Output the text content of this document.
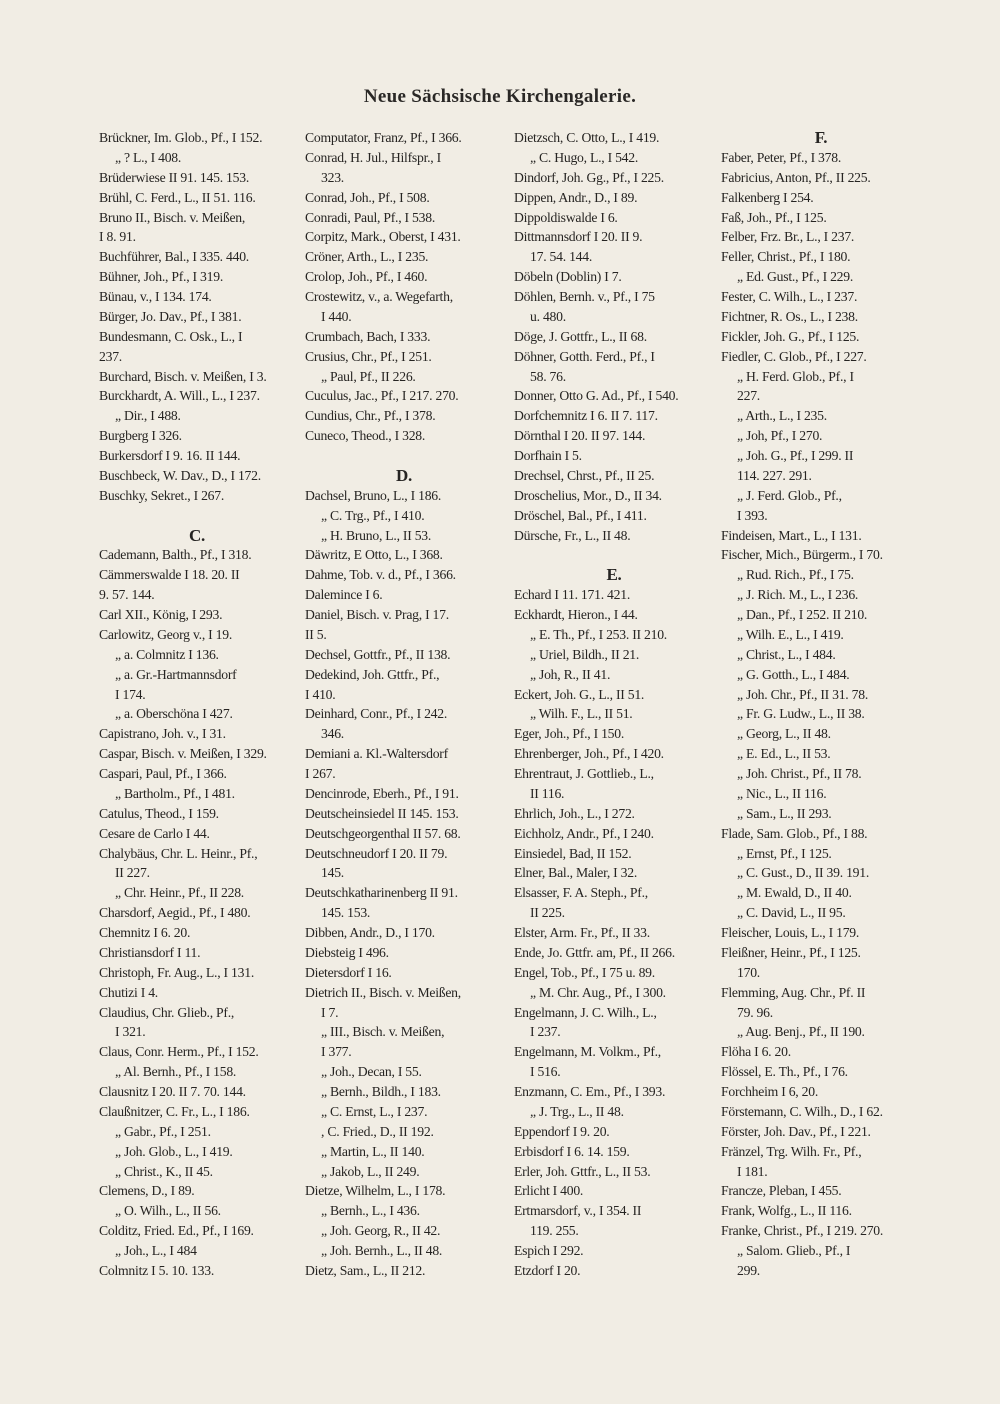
Neue Sächsische Kirchengalerie.
Brückner, Im. Glob., Pf., I 152.
„ ? L., I 408.
Brüderwiese II 91. 145. 153.
Brühl, C. Ferd., L., II 51. 116.
Bruno II., Bisch. v. Meißen,
I 8. 91.
Buchführer, Bal., I 335. 440.
Bühner, Joh., Pf., I 319.
Bünau, v., I 134. 174.
Bürger, Jo. Dav., Pf., I 381.
Bundesmann, C. Osk., L., I
237.
Burchard, Bisch. v. Meißen, I 3.
Burckhardt, A. Will., L., I 237.
„ Dir., I 488.
Burgberg I 326.
Burkersdorf I 9. 16. II 144.
Buschbeck, W. Dav., D., I 172.
Buschky, Sekret., I 267.
C.
Cademann, Balth., Pf., I 318.
Cämmerswalde I 18. 20. II
9. 57. 144.
Carl XII., König, I 293.
Carlowitz, Georg v., I 19.
„ a. Colmnitz I 136.
„ a. Gr.-Hartmannsdorf
I 174.
„ a. Oberschöna I 427.
Capistrano, Joh. v., I 31.
Caspar, Bisch. v. Meißen, I 329.
Caspari, Paul, Pf., I 366.
„ Bartholm., Pf., I 481.
Catulus, Theod., I 159.
Cesare de Carlo I 44.
Chalybäus, Chr. L. Heinr., Pf.,
II 227.
„ Chr. Heinr., Pf., II 228.
Charsdorf, Aegid., Pf., I 480.
Chemnitz I 6. 20.
Christiansdorf I 11.
Christoph, Fr. Aug., L., I 131.
Chutizi I 4.
Claudius, Chr. Glieb., Pf.,
I 321.
Claus, Conr. Herm., Pf., I 152.
„ Al. Bernh., Pf., I 158.
Clausnitz I 20. II 7. 70. 144.
Claußnitzer, C. Fr., L., I 186.
„ Gabr., Pf., I 251.
„ Joh. Glob., L., I 419.
„ Christ., K., II 45.
Clemens, D., I 89.
„ O. Wilh., L., II 56.
Colditz, Fried. Ed., Pf., I 169.
„ Joh., L., I 484
Colmnitz I 5. 10. 133.
Computator, Franz, Pf., I 366.
Conrad, H. Jul., Hilfspr., I
323.
Conrad, Joh., Pf., I 508.
Conradi, Paul, Pf., I 538.
Corpitz, Mark., Oberst, I 431.
Cröner, Arth., L., I 235.
Crolop, Joh., Pf., I 460.
Crostewitz, v., a. Wegefarth,
I 440.
Crumbach, Bach, I 333.
Crusius, Chr., Pf., I 251.
„ Paul, Pf., II 226.
Cuculus, Jac., Pf., I 217. 270.
Cundius, Chr., Pf., I 378.
Cuneco, Theod., I 328.
D.
Dachsel, Bruno, L., I 186.
„ C. Trg., Pf., I 410.
„ H. Bruno, L., II 53.
Däwritz, E Otto, L., I 368.
Dahme, Tob. v. d., Pf., I 366.
Dalemince I 6.
Daniel, Bisch. v. Prag, I 17.
II 5.
Dechsel, Gottfr., Pf., II 138.
Dedekind, Joh. Gttfr., Pf.,
I 410.
Deinhard, Conr., Pf., I 242.
346.
Demiani a. Kl.-Waltersdorf
I 267.
Dencinrode, Eberh., Pf., I 91.
Deutscheinsiedel II 145. 153.
Deutschgeorgenthal II 57. 68.
Deutschneudorf I 20. II 79.
145.
Deutschkatharinenberg II 91.
145. 153.
Dibben, Andr., D., I 170.
Diebsteig I 496.
Dietersdorf I 16.
Dietrich II., Bisch. v. Meißen,
I 7.
„ III., Bisch. v. Meißen,
I 377.
„ Joh., Decan, I 55.
„ Bernh., Bildh., I 183.
„ C. Ernst, L., I 237.
, C. Fried., D., II 192.
„ Martin, L., II 140.
„ Jakob, L., II 249.
Dietze, Wilhelm, L., I 178.
„ Bernh., L., I 436.
„ Joh. Georg, R., II 42.
„ Joh. Bernh., L., II 48.
Dietz, Sam., L., II 212.
Dietzsch, C. Otto, L., I 419.
„ C. Hugo, L., I 542.
Dindorf, Joh. Gg., Pf., I 225.
Dippen, Andr., D., I 89.
Dippoldiswalde I 6.
Dittmannsdorf I 20. II 9.
17. 54. 144.
Döbeln (Doblin) I 7.
Döhlen, Bernh. v., Pf., I 75
u. 480.
Döge, J. Gottfr., L., II 68.
Döhner, Gotth. Ferd., Pf., I
58. 76.
Donner, Otto G. Ad., Pf., I 540.
Dorfchemnitz I 6. II 7. 117.
Dörnthal I 20. II 97. 144.
Dorfhain I 5.
Drechsel, Chrst., Pf., II 25.
Droschelius, Mor., D., II 34.
Dröschel, Bal., Pf., I 411.
Dürsche, Fr., L., II 48.
E.
Echard I 11. 171. 421.
Eckhardt, Hieron., I 44.
„ E. Th., Pf., I 253. II 210.
„ Uriel, Bildh., II 21.
„ Joh, R., II 41.
Eckert, Joh. G., L., II 51.
„ Wilh. F., L., II 51.
Eger, Joh., Pf., I 150.
Ehrenberger, Joh., Pf., I 420.
Ehrentraut, J. Gottlieb., L.,
II 116.
Ehrlich, Joh., L., I 272.
Eichholz, Andr., Pf., I 240.
Einsiedel, Bad, II 152.
Elner, Bal., Maler, I 32.
Elsasser, F. A. Steph., Pf.,
II 225.
Elster, Arm. Fr., Pf., II 33.
Ende, Jo. Gttfr. am, Pf., II 266.
Engel, Tob., Pf., I 75 u. 89.
„ M. Chr. Aug., Pf., I 300.
Engelmann, J. C. Wilh., L.,
I 237.
Engelmann, M. Volkm., Pf.,
I 516.
Enzmann, C. Em., Pf., I 393.
„ J. Trg., L., II 48.
Eppendorf I 9. 20.
Erbisdorf I 6. 14. 159.
Erler, Joh. Gttfr., L., II 53.
Erlicht I 400.
Ertmarsdorf, v., I 354. II
119. 255.
Espich I 292.
Etzdorf I 20.
F.
Faber, Peter, Pf., I 378.
Fabricius, Anton, Pf., II 225.
Falkenberg I 254.
Faß, Joh., Pf., I 125.
Felber, Frz. Br., L., I 237.
Feller, Christ., Pf., I 180.
„ Ed. Gust., Pf., I 229.
Fester, C. Wilh., L., I 237.
Fichtner, R. Os., L., I 238.
Fickler, Joh. G., Pf., I 125.
Fiedler, C. Glob., Pf., I 227.
„ H. Ferd. Glob., Pf., I
227.
„ Arth., L., I 235.
„ Joh, Pf., I 270.
„ Joh. G., Pf., I 299. II
114. 227. 291.
„ J. Ferd. Glob., Pf.,
I 393.
Findeisen, Mart., L., I 131.
Fischer, Mich., Bürgerm., I 70.
„ Rud. Rich., Pf., I 75.
„ J. Rich. M., L., I 236.
„ Dan., Pf., I 252. II 210.
„ Wilh. E., L., I 419.
„ Christ., L., I 484.
„ G. Gotth., L., I 484.
„ Joh. Chr., Pf., II 31. 78.
„ Fr. G. Ludw., L., II 38.
„ Georg, L., II 48.
„ E. Ed., L., II 53.
„ Joh. Christ., Pf., II 78.
„ Nic., L., II 116.
„ Sam., L., II 293.
Flade, Sam. Glob., Pf., I 88.
„ Ernst, Pf., I 125.
„ C. Gust., D., II 39. 191.
„ M. Ewald, D., II 40.
„ C. David, L., II 95.
Fleischer, Louis, L., I 179.
Fleißner, Heinr., Pf., I 125.
170.
Flemming, Aug. Chr., Pf. II
79. 96.
„ Aug. Benj., Pf., II 190.
Flöha I 6. 20.
Flössel, E. Th., Pf., I 76.
Forchheim I 6, 20.
Förstemann, C. Wilh., D., I 62.
Förster, Joh. Dav., Pf., I 221.
Fränzel, Trg. Wilh. Fr., Pf.,
I 181.
Francze, Pleban, I 455.
Frank, Wolfg., L., II 116.
Franke, Christ., Pf., I 219. 270.
„ Salom. Glieb., Pf., I
299.
